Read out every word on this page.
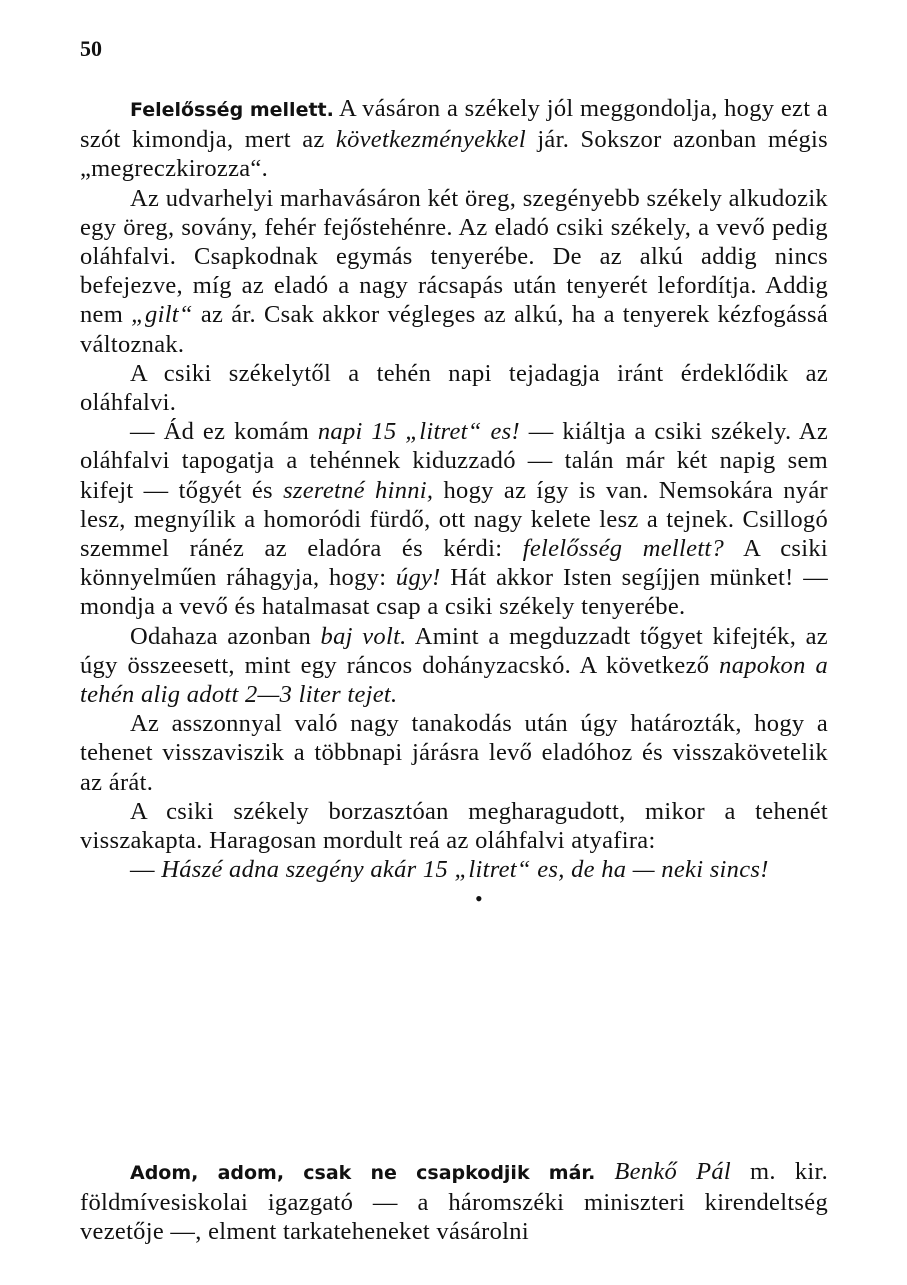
50

Felelősség mellett. A vásáron a székely jól meggondolja, hogy ezt a szót kimondja, mert az következményekkel jár. Sokszor azonban mégis „megreczkirozza“.

Az udvarhelyi marhavásáron két öreg, szegényebb székely alkudozik egy öreg, sovány, fehér fejőstehénre. Az eladó csiki székely, a vevő pedig oláhfalvi. Csapkodnak egymás tenyerébe. De az alkú addig nincs befejezve, míg az eladó a nagy rácsapás után tenyerét lefordítja. Addig nem „gilt“ az ár. Csak akkor végleges az alkú, ha a tenyerek kézfogássá változnak.

A csiki székelytől a tehén napi tejadagja iránt érdeklődik az oláhfalvi.

— Ád ez komám napi 15 „litret“ es! — kiáltja a csiki székely. Az oláhfalvi tapogatja a tehénnek kiduzzadó — talán már két napig sem kifejt — tőgyét és szeretné hinni, hogy az így is van. Nemsokára nyár lesz, megnyílik a homoródi fürdő, ott nagy kelete lesz a tejnek. Csillogó szemmel ránéz az eladóra és kérdi: felelősség mellett? A csiki könnyelműen ráhagyja, hogy: úgy! Hát akkor Isten segíjjen münket! — mondja a vevő és hatalmasat csap a csiki székely tenyerébe.

Odahaza azonban baj volt. Amint a megduzzadt tőgyet kifejték, az úgy összeesett, mint egy ráncos dohányzacskó. A következő napokon a tehén alig adott 2—3 liter tejet.

Az asszonnyal való nagy tanakodás után úgy határozták, hogy a tehenet visszaviszik a többnapi járásra levő eladóhoz és visszakövetelik az árát.

A csiki székely borzasztóan megharagudott, mikor a tehenét visszakapta. Haragosan mordult reá az oláhfalvi atyafira:

— Hászé adna szegény akár 15 „litret“ es, de ha — neki sincs!

•

Adom, adom, csak ne csapkodjik már. Benkő Pál m. kir. földmívesiskolai igazgató — a háromszéki miniszteri kirendeltség vezetője —, elment tarkateheneket vásárolni
